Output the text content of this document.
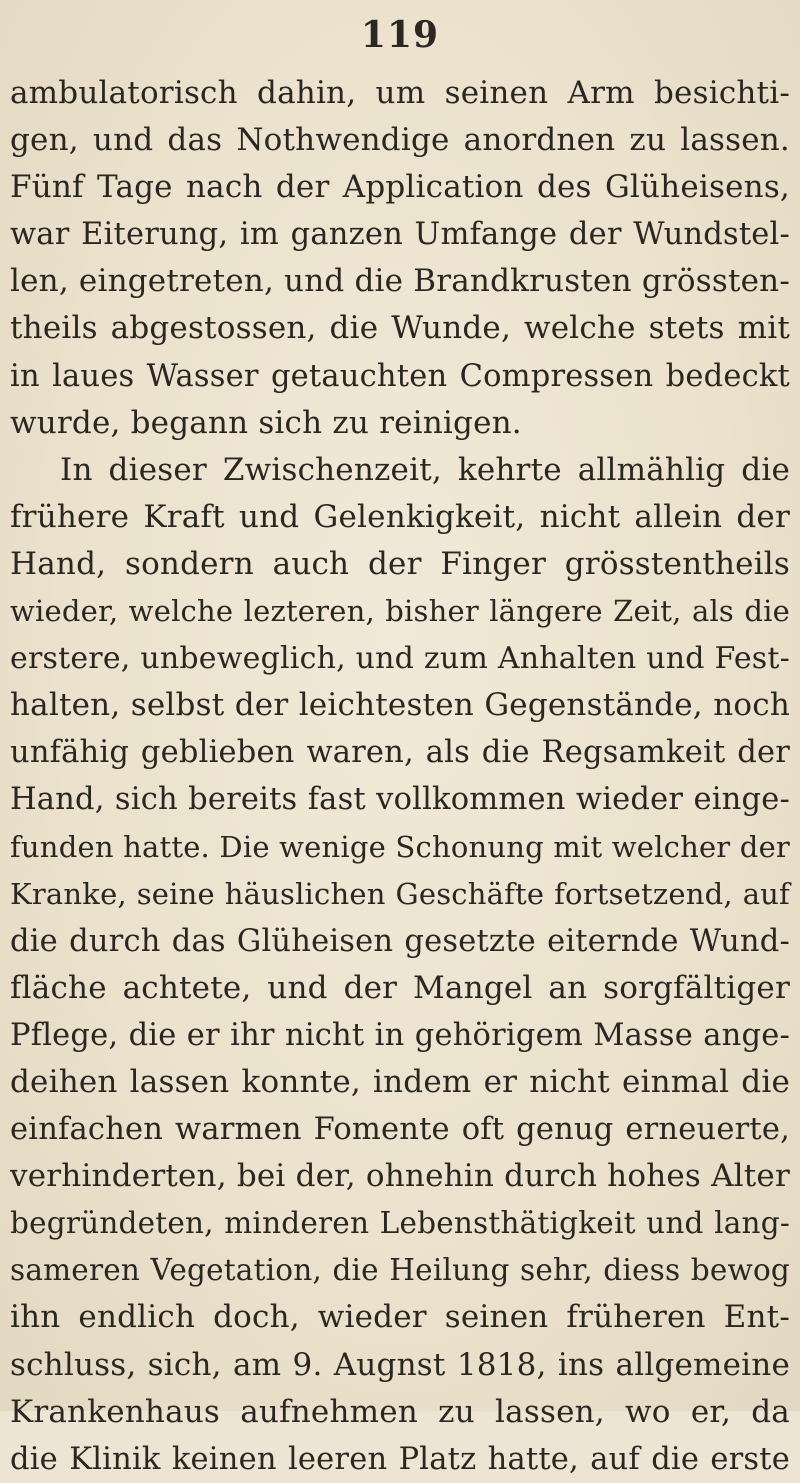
119
ambulatorisch dahin, um seinen Arm besichti-
gen, und das Nothwendige anordnen zu lassen.
Fünf Tage nach der Application des Glüheisens,
war Eiterung, im ganzen Umfange der Wundstel-
len, eingetreten, und die Brandkrusten grössten-
theils abgestossen, die Wunde, welche stets mit
in laues Wasser getauchten Compressen bedeckt
wurde, begann sich zu reinigen.
In dieser Zwischenzeit, kehrte allmählig die
frühere Kraft und Gelenkigkeit, nicht allein der
Hand, sondern auch der Finger grösstentheils
wieder, welche lezteren, bisher längere Zeit, als die
erstere, unbeweglich, und zum Anhalten und Fest-
halten, selbst der leichtesten Gegenstände, noch
unfähig geblieben waren, als die Regsamkeit der
Hand, sich bereits fast vollkommen wieder einge-
funden hatte. Die wenige Schonung mit welcher der
Kranke, seine häuslichen Geschäfte fortsetzend, auf
die durch das Glüheisen gesetzte eiternde Wund-
fläche achtete, und der Mangel an sorgfältiger
Pflege, die er ihr nicht in gehörigem Masse ange-
deihen lassen konnte, indem er nicht einmal die
einfachen warmen Fomente oft genug erneuerte,
verhinderten, bei der, ohnehin durch hohes Alter
begründeten, minderen Lebensthätigkeit und lang-
sameren Vegetation, die Heilung sehr, diess bewog
ihn endlich doch, wieder seinen früheren Ent-
schluss, sich, am 9. Augnst 1818, ins allgemeine
Krankenhaus aufnehmen zu lassen, wo er, da
die Klinik keinen leeren Platz hatte, auf die erste
